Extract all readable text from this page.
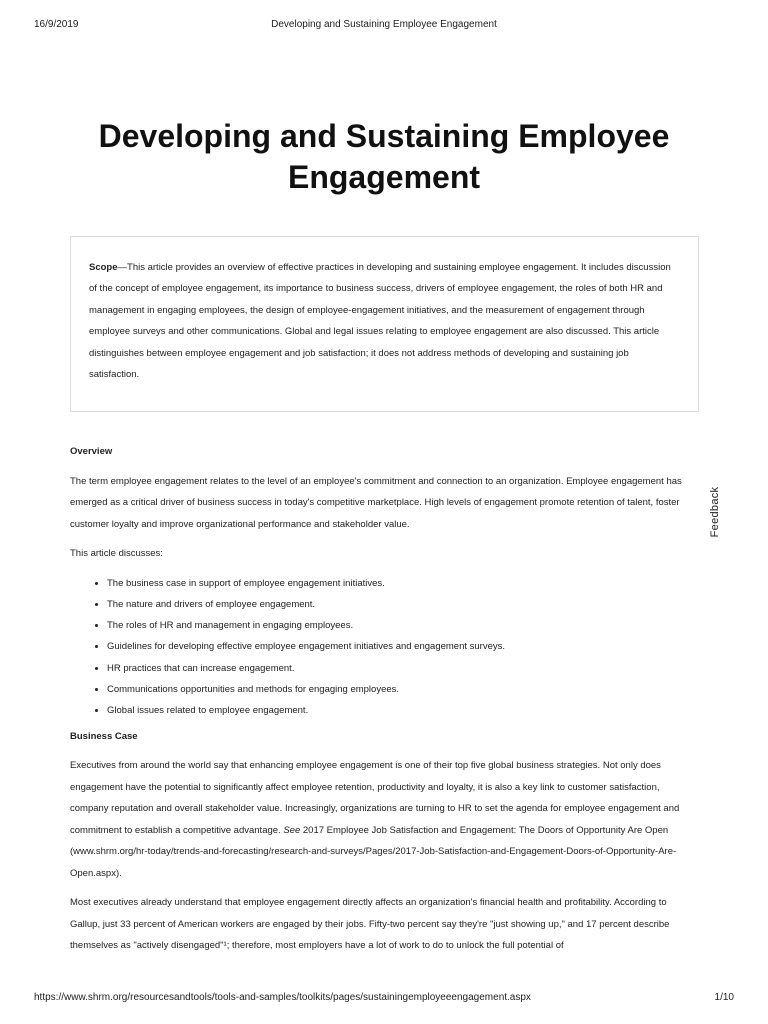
16/9/2019	Developing and Sustaining Employee Engagement
Developing and Sustaining Employee Engagement
Scope—This article provides an overview of effective practices in developing and sustaining employee engagement. It includes discussion of the concept of employee engagement, its importance to business success, drivers of employee engagement, the roles of both HR and management in engaging employees, the design of employee-engagement initiatives, and the measurement of engagement through employee surveys and other communications. Global and legal issues relating to employee engagement are also discussed. This article distinguishes between employee engagement and job satisfaction; it does not address methods of developing and sustaining job satisfaction.
Overview

The term employee engagement relates to the level of an employee's commitment and connection to an organization. Employee engagement has emerged as a critical driver of business success in today's competitive marketplace. High levels of engagement promote retention of talent, foster customer loyalty and improve organizational performance and stakeholder value.

This article discusses:

The business case in support of employee engagement initiatives.
The nature and drivers of employee engagement.
The roles of HR and management in engaging employees.
Guidelines for developing effective employee engagement initiatives and engagement surveys.
HR practices that can increase engagement.
Communications opportunities and methods for engaging employees.
Global issues related to employee engagement.
Business Case

Executives from around the world say that enhancing employee engagement is one of their top five global business strategies. Not only does engagement have the potential to significantly affect employee retention, productivity and loyalty, it is also a key link to customer satisfaction, company reputation and overall stakeholder value. Increasingly, organizations are turning to HR to set the agenda for employee engagement and commitment to establish a competitive advantage. See 2017 Employee Job Satisfaction and Engagement: The Doors of Opportunity Are Open (www.shrm.org/hr-today/trends-and-forecasting/research-and-surveys/Pages/2017-Job-Satisfaction-and-Engagement-Doors-of-Opportunity-Are-Open.aspx).

Most executives already understand that employee engagement directly affects an organization's financial health and profitability. According to Gallup, just 33 percent of American workers are engaged by their jobs. Fifty-two percent say they're "just showing up," and 17 percent describe themselves as "actively disengaged"¹; therefore, most employers have a lot of work to do to unlock the full potential of

Feedback
https://www.shrm.org/resourcesandtools/tools-and-samples/toolkits/pages/sustainingemployeeengagement.aspx	1/10
